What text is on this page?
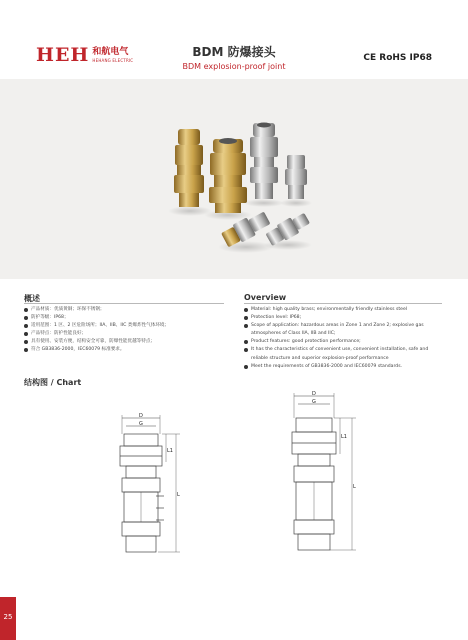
HEH 和航电气
HEHANG ELECTRIC
BDM 防爆接头
BDM explosion-proof joint
CE RoHS IP68
概述
产品材质：优质黄铜；环保不锈钢；
防护等级：IP68；
适用范围：1 区、2 区危险场所；IIA、IIB、IIC 类爆炸性气体环境；
产品特点：防护性能良好；
具有使用、安装方便，结构安全可靠，防爆性能优越等特点；
符合 GB3836-2000，IEC60079 标准要求。
Overview
Material: high quality brass; environmentally friendly stainless steel
Protection level: IP68;
Scope of application: hazardous areas in Zone 1 and Zone 2; explosive gas atmospheres of Class IIA, IIB and IIC;
Product features: good protection performance;
It has the characteristics of convenient use, convenient installation, safe and reliable structure and superior explosion-proof performance
Meet the requirements of GB3836-2000 and IEC60079 standards.
结构图 / Chart
D
G
L1
L
D
G
L1
L
25
